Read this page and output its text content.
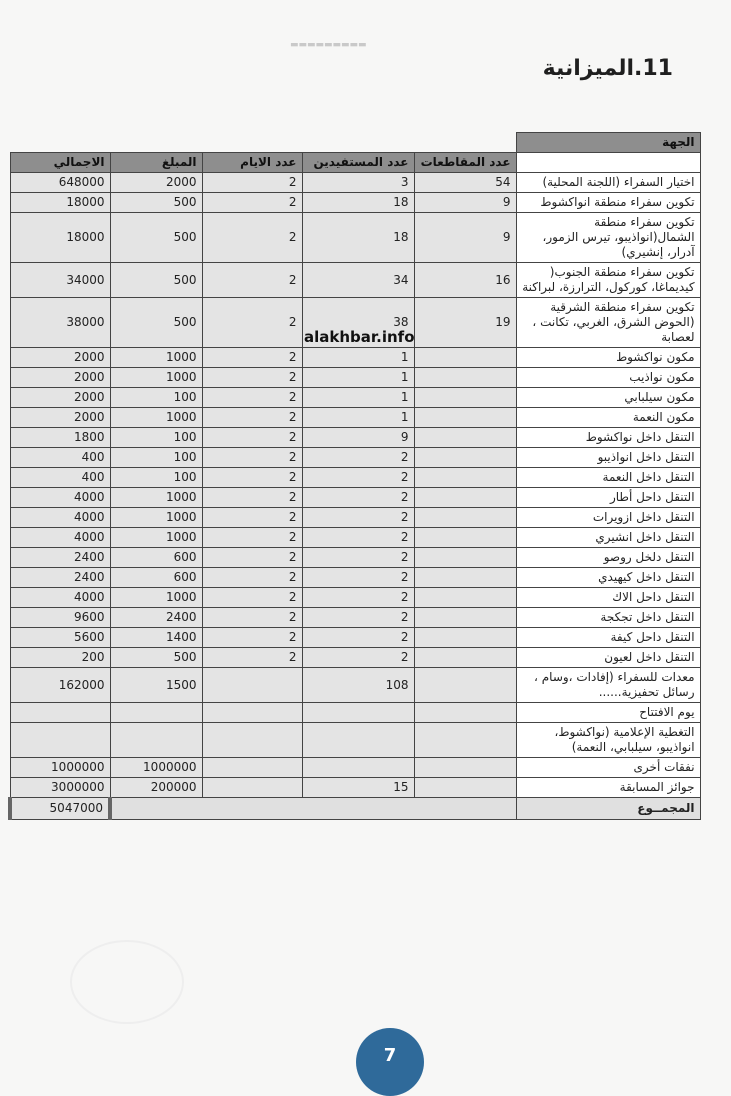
▬▬▬▬▬▬▬▬▬
11.الميزانية
					الجهة
الاجمالي	المبلغ	عدد الايام	عدد المستفيدين	عدد المقاطعات	
648000	2000	2	3	54	اختيار السفراء (اللجنة المحلية)
18000	500	2	18	9	تكوين سفراء منطقة انواكشوط
18000	500	2	18	9	تكوين سفراء منطقة الشمال(انواذيبو، تيرس الزمور، آدرار، إنشيري)
34000	500	2	34	16	تكوين سفراء منطقة الجنوب( كيديماغا، كوركول، الترارزة، لبراكنة
38000	500	2	38	19	تكوين سفراء منطقة الشرقية (الحوض الشرق، الغربي، تكانت ، لعصابة
2000	1000	2	1		مكون نواكشوط
2000	1000	2	1		مكون نواذيب
2000	100	2	1		مكون سيلبابي
2000	1000	2	1		مكون النعمة
1800	100	2	9		التنقل داخل نواكشوط
400	100	2	2		التنقل داخل انواذيبو
400	100	2	2		التنقل داخل النعمة
4000	1000	2	2		التنقل داحل أطار
4000	1000	2	2		التنقل داخل ازويرات
4000	1000	2	2		التنقل داخل انشيري
2400	600	2	2		التنقل دلخل روصو
2400	600	2	2		التنقل داخل كيهيدي
4000	1000	2	2		التنقل داحل الاك
9600	2400	2	2		التنقل داخل تجكجة
5600	1400	2	2		التنقل داحل كيفة
200	500	2	2		التنقل داخل لعيون
162000	1500		108		معدات للسفراء (إفادات ،وسام ، رسائل تحفيزية......
					يوم الافتتاح
					التغطية الإعلامية (نواكشوط، انواذيبو، سيلبابي، النعمة)
1000000	1000000				نفقات أخرى
3000000	200000		15		جوائز المسابقة
5047000					المجمــوع
alakhbar.info
7
